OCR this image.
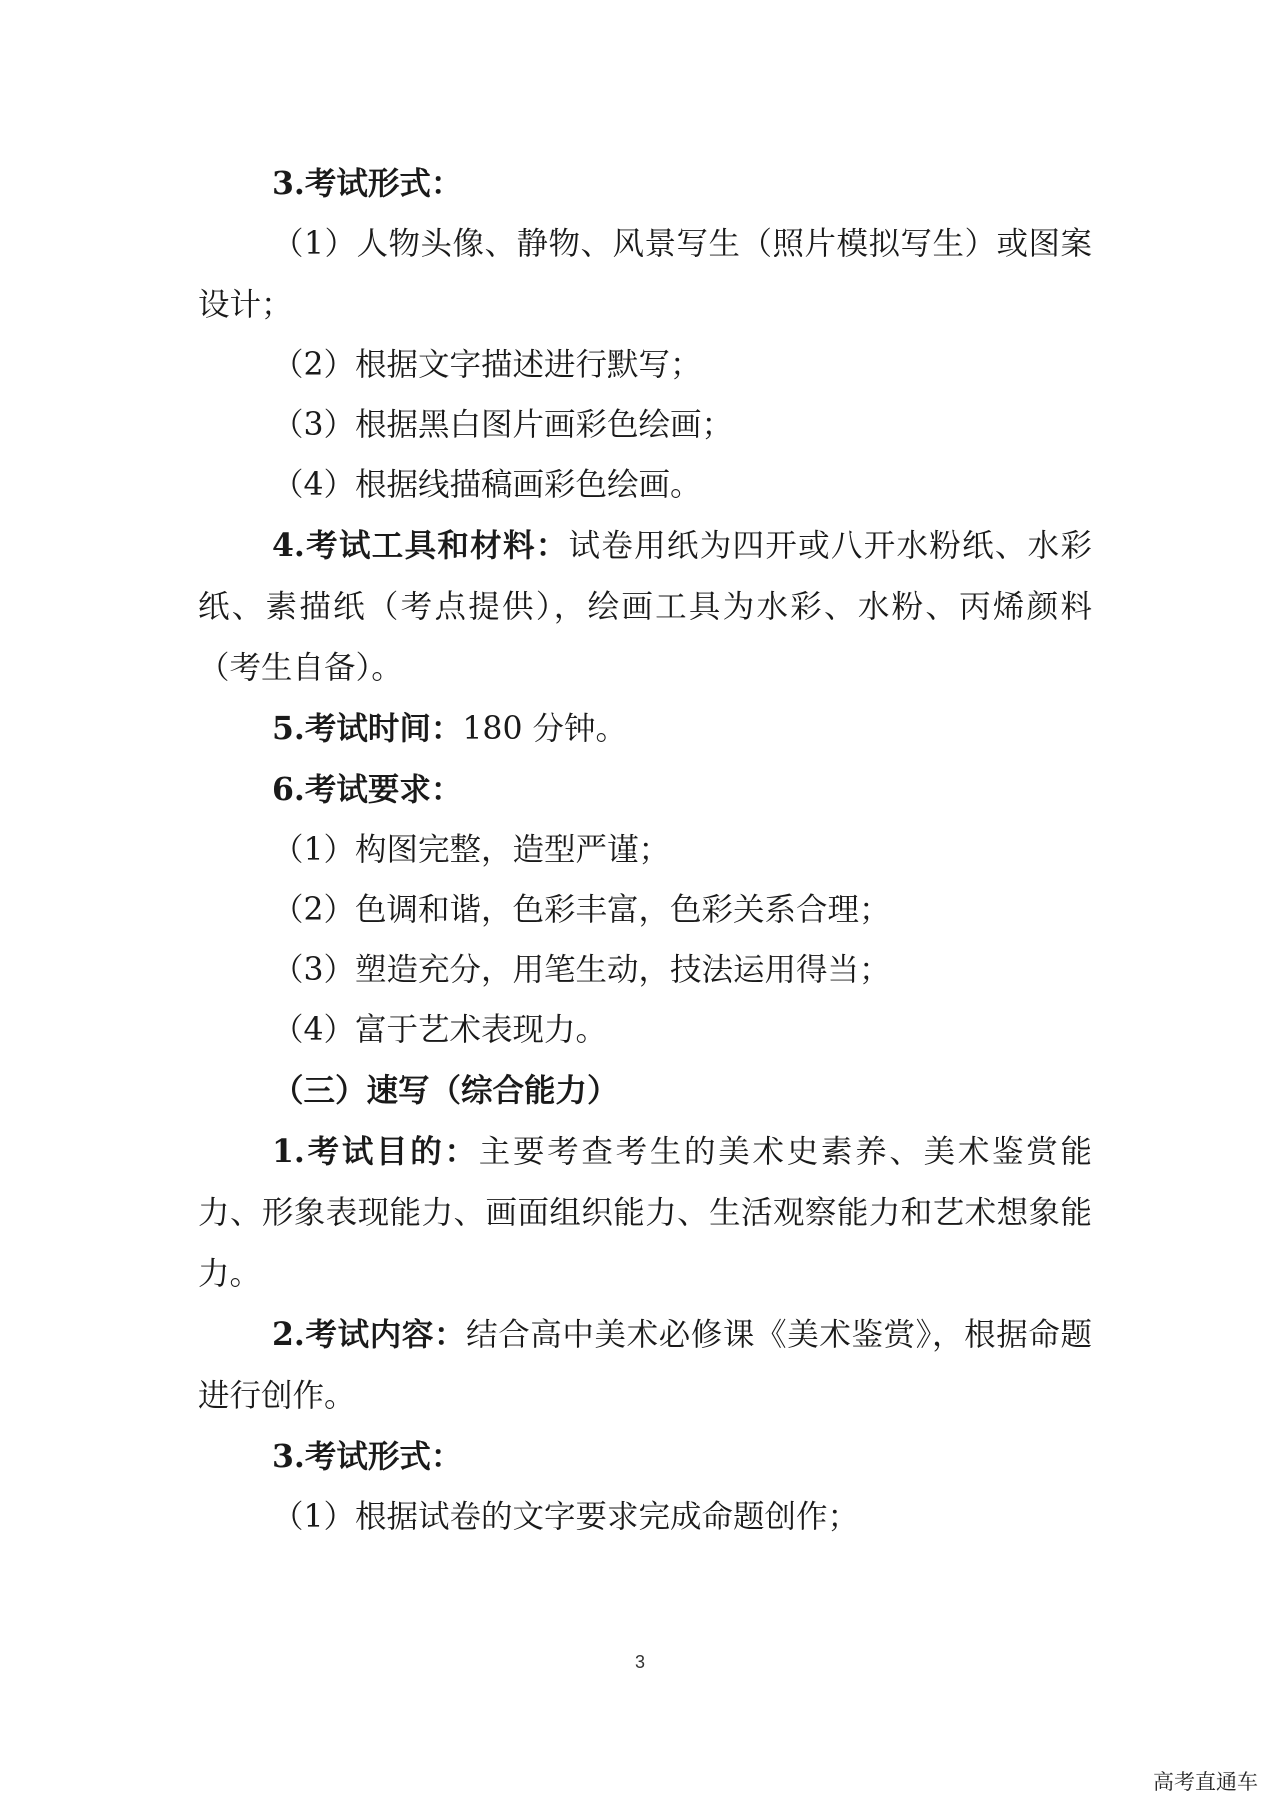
3.考试形式：

（1）人物头像、静物、风景写生（照片模拟写生）或图案设计；

（2）根据文字描述进行默写；

（3）根据黑白图片画彩色绘画；

（4）根据线描稿画彩色绘画。

4.考试工具和材料：试卷用纸为四开或八开水粉纸、水彩纸、素描纸（考点提供），绘画工具为水彩、水粉、丙烯颜料（考生自备）。

5.考试时间：180 分钟。

6.考试要求：

（1）构图完整，造型严谨；

（2）色调和谐，色彩丰富，色彩关系合理；

（3）塑造充分，用笔生动，技法运用得当；

（4）富于艺术表现力。

（三）速写（综合能力）

1.考试目的：主要考查考生的美术史素养、美术鉴赏能力、形象表现能力、画面组织能力、生活观察能力和艺术想象能力。

2.考试内容：结合高中美术必修课《美术鉴赏》，根据命题进行创作。

3.考试形式：

（1）根据试卷的文字要求完成命题创作；

3
高考直通车
